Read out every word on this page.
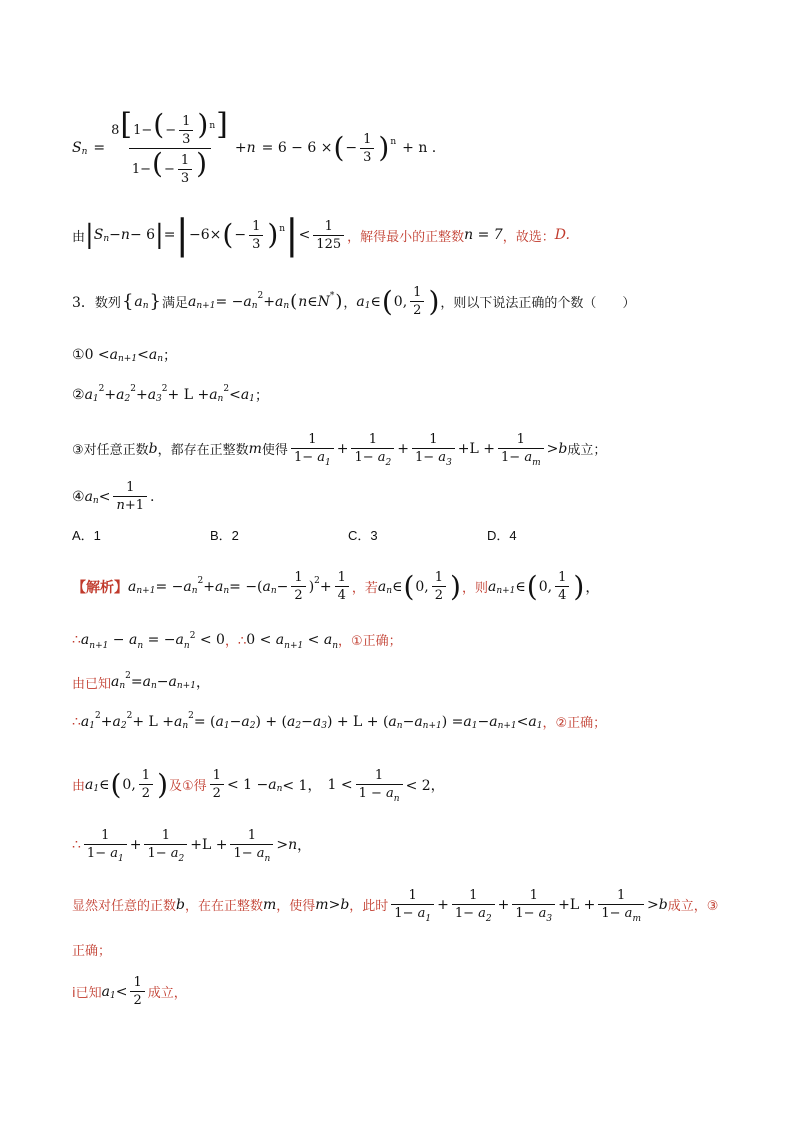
S $n = \frac{8[1-(- \frac{1}{3} )^n]}{1-(- \frac{1}{3} )} + n = 6 - 6$ × ( − $\frac{1}{3}$ ) n + n .
由 | S n − n − 6 | = | −6× ( − $\frac{1}{3}$ ) n | < $\frac{1}{125}$ ，解得最小的正整数 n = 7 ，故选： D.
3． 数列 { a n } 满足 a n+1 = − a n
2 + a n ( n ∈ N * ) ， a 1 ∈ ( 0, $\frac{1}{2}$ ) ，则以下说法正确的个数（　　）
① 0 < a n+1 < a n ；
② a 1
2 + a 2
2 + a 3
2 + L + a n
2 < a 1 ；
③对任意正数 b ，都存在正整数 m 使得 $\frac{1}{1- a_1} + \frac{1}{1- a_2} + \frac{1}{1- a_3} +L + \frac{1}{1- a_m} > b$ 成立；
④ a $n < \frac{1}{n+1}$ .
A．1	B．2	C．3	D．4
【解析】 a n+1 = − a n
2 + a n = −( a $n - \frac{1}{2}$ ) $2 + \frac{1}{4}$ ，若 a n ∈ ( 0, $\frac{1}{2}$ ) ，则 a n+1 ∈ ( 0, $\frac{1}{4}$ ) ，
∴ $a_{n+1} - a_n = -a_n^2 < 0$ ，∴ $0 < a_{n+1} < a_n$ ，①正确；
由已知 a n
2 = a n − a n+1 ，
∴ a 1
2 + a 2
2 + L + a n
2 = ( a 1 − a 2 ) + ( a 2 − a 3 ) + L + ( a n − a n+1 ) = a 1 − a n+1 < a 1 ，②正确；
由 a 1 ∈ ( 0, $\frac{1}{2}$ ) 及①得 $\frac{1}{2} < 1 - a$ n < 1，
$1 < \frac{1}{1 - a_n} < 2$，
∴ $\frac{1}{1- a_1} + \frac{1}{1- a_2} +L + \frac{1}{1- a_n} > n$ ，
显然对任意的正数 b ，在在正整数 m ，使得 m > b ，此时 $\frac{1}{1- a_1} + \frac{1}{1- a_2} + \frac{1}{1- a_3} +L + \frac{1}{1- a_m} > b$ 成立，③
正确；
ⅰ已知 a $1 < \frac{1}{2}$ 成立，
